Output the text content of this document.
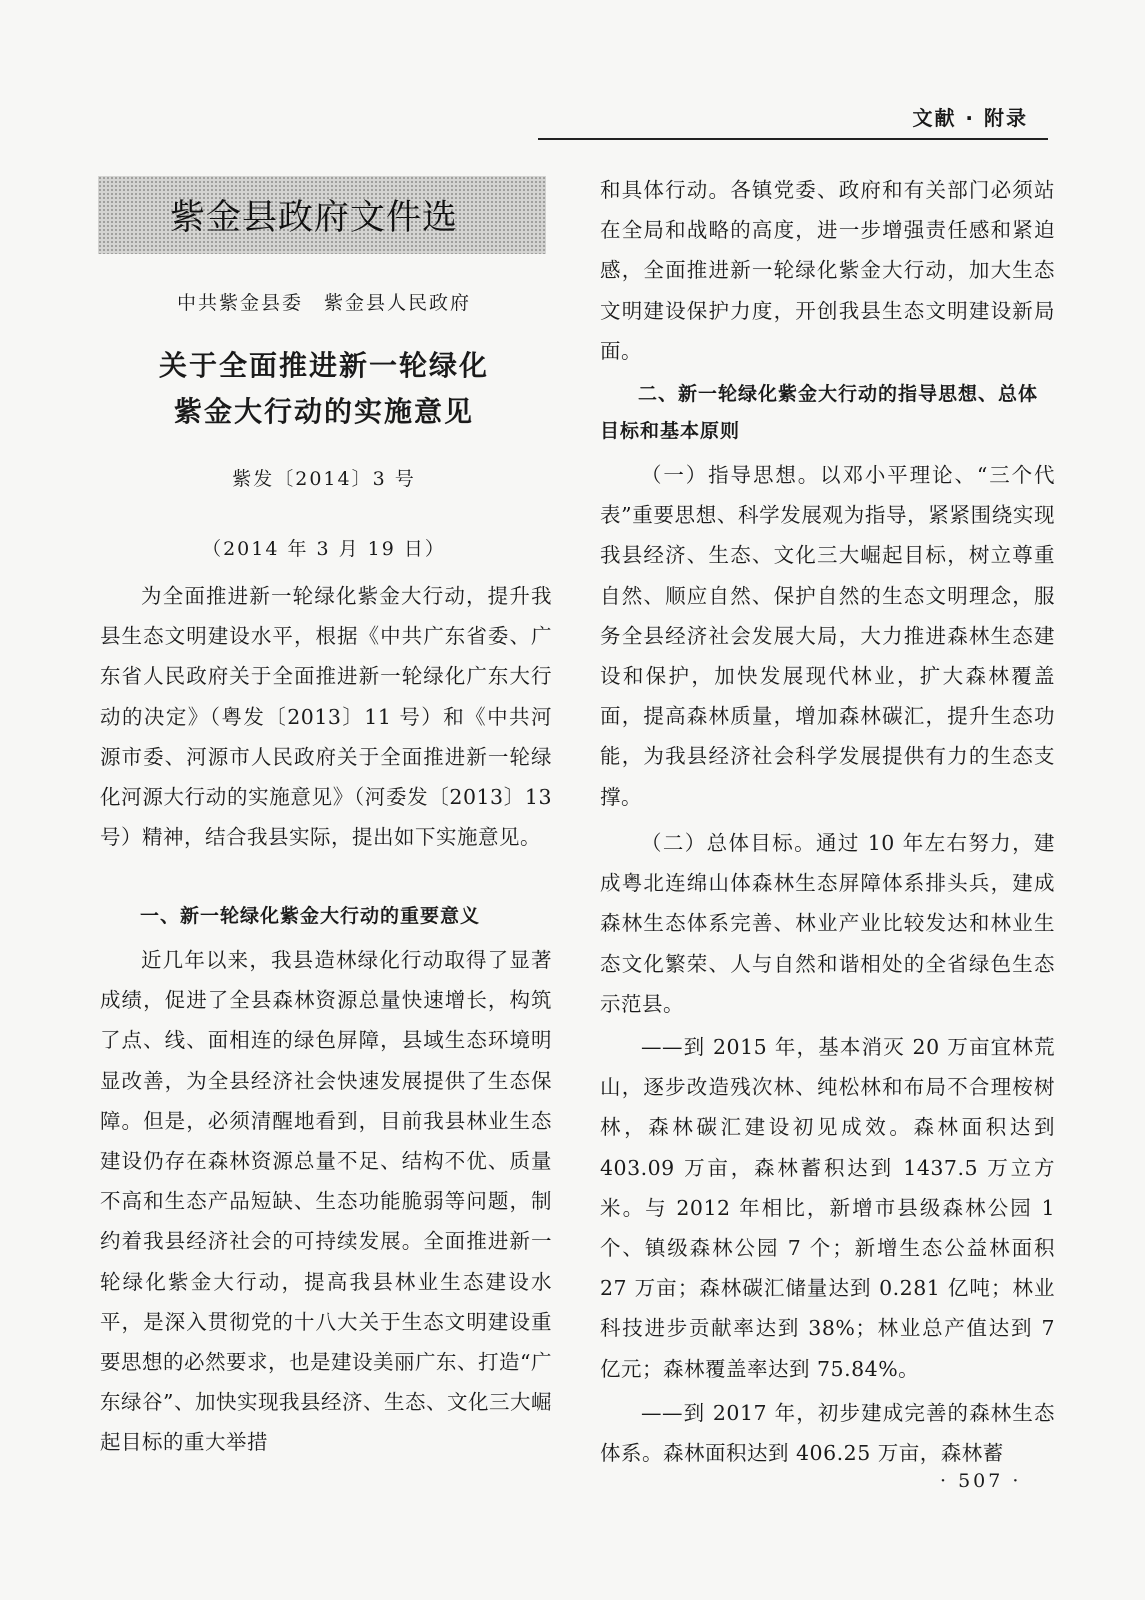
文献 · 附录
紫金县政府文件选
中共紫金县委　紫金县人民政府
关于全面推进新一轮绿化
紫金大行动的实施意见
紫发〔2014〕3 号
（2014 年 3 月 19 日）

为全面推进新一轮绿化紫金大行动，提升我县生态文明建设水平，根据《中共广东省委、广东省人民政府关于全面推进新一轮绿化广东大行动的决定》（粤发〔2013〕11 号）和《中共河源市委、河源市人民政府关于全面推进新一轮绿化河源大行动的实施意见》（河委发〔2013〕13 号）精神，结合我县实际，提出如下实施意见。

一、新一轮绿化紫金大行动的重要意义

近几年以来，我县造林绿化行动取得了显著成绩，促进了全县森林资源总量快速增长，构筑了点、线、面相连的绿色屏障，县域生态环境明显改善，为全县经济社会快速发展提供了生态保障。但是，必须清醒地看到，目前我县林业生态建设仍存在森林资源总量不足、结构不优、质量不高和生态产品短缺、生态功能脆弱等问题，制约着我县经济社会的可持续发展。全面推进新一轮绿化紫金大行动，提高我县林业生态建设水平，是深入贯彻党的十八大关于生态文明建设重要思想的必然要求，也是建设美丽广东、打造“广东绿谷”、加快实现我县经济、生态、文化三大崛起目标的重大举措

和具体行动。各镇党委、政府和有关部门必须站在全局和战略的高度，进一步增强责任感和紧迫感，全面推进新一轮绿化紫金大行动，加大生态文明建设保护力度，开创我县生态文明建设新局面。

二、新一轮绿化紫金大行动的指导思想、总体目标和基本原则

（一）指导思想。以邓小平理论、“三个代表”重要思想、科学发展观为指导，紧紧围绕实现我县经济、生态、文化三大崛起目标，树立尊重自然、顺应自然、保护自然的生态文明理念，服务全县经济社会发展大局，大力推进森林生态建设和保护，加快发展现代林业，扩大森林覆盖面，提高森林质量，增加森林碳汇，提升生态功能，为我县经济社会科学发展提供有力的生态支撑。

（二）总体目标。通过 10 年左右努力，建成粤北连绵山体森林生态屏障体系排头兵，建成森林生态体系完善、林业产业比较发达和林业生态文化繁荣、人与自然和谐相处的全省绿色生态示范县。

——到 2015 年，基本消灭 20 万亩宜林荒山，逐步改造残次林、纯松林和布局不合理桉树林，森林碳汇建设初见成效。森林面积达到 403.09 万亩，森林蓄积达到 1437.5 万立方米。与 2012 年相比，新增市县级森林公园 1 个、镇级森林公园 7 个；新增生态公益林面积 27 万亩；森林碳汇储量达到 0.281 亿吨；林业科技进步贡献率达到 38%；林业总产值达到 7 亿元；森林覆盖率达到 75.84%。

——到 2017 年，初步建成完善的森林生态体系。森林面积达到 406.25 万亩，森林蓄

· 507 ·
